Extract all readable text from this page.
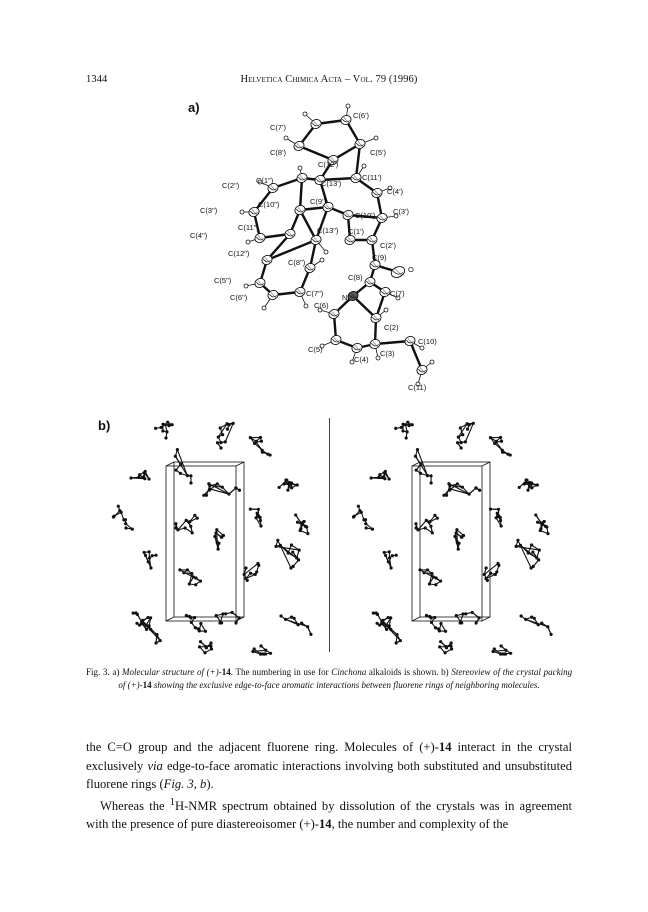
1344	Helvetica Chimica Acta – Vol. 79 (1996)
a)
C(6')
C(7')
C(5')
C(8')
C(12')
C(1")	C(13')
C(11')
C(2")
C(4')
C(10")	C(9')
C(3")
C(10')
C(13")
C(3')
C(11")	C(1')
C(4")
C(12")
C(2')
C(9)
C(8")
C(5")	C(8)
O
C(6")	C(7")	C(7)
C(6)
N
C(2)
C(10)
C(5)
C(4)
C(3)
C(11)
b)
Fig. 3. a) Molecular structure of (+)-14. The numbering in use for Cinchona alkaloids is shown. b) Stereoview of the crystal packing of (+)-14 showing the exclusive edge-to-face aromatic interactions between fluorene rings of neighboring molecules.

the C=O group and the adjacent fluorene ring. Molecules of (+)-14 interact in the crystal exclusively via edge-to-face aromatic interactions involving both substituted and unsubstituted fluorene rings (Fig. 3, b).

Whereas the $^1$H-NMR spectrum obtained by dissolution of the crystals was in agreement with the presence of pure diastereoisomer (+)-14, the number and complexity of the
